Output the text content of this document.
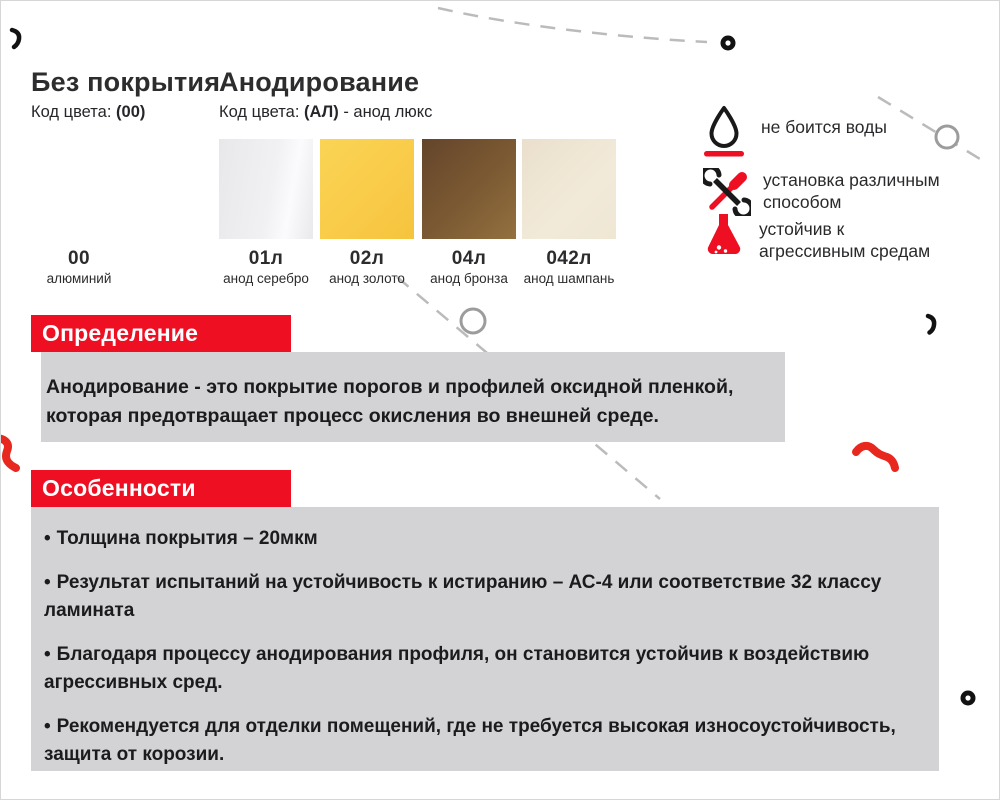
Без покрытия
Код цвета: (00)
Анодирование
Код цвета: (АЛ) - анод люкс
00
алюминий
01л
анод серебро
02л
анод золото
04л
анод бронза
042л
анод шампань
не боится воды
установка различным способом
устойчив к агрессивным средам
Определение
Анодирование - это покрытие порогов и профилей оксидной пленкой, которая предотвращает процесс окисления во внешней среде.
Особенности

• Толщина покрытия – 20мкм

• Результат испытаний на устойчивость к истиранию – АС-4 или соответствие 32 классу ламината

• Благодаря процессу анодирования профиля, он становится устойчив к воздействию агрессивных сред.

• Рекомендуется для отделки помещений, где не требуется высокая износоустойчивость, защита от корозии.
